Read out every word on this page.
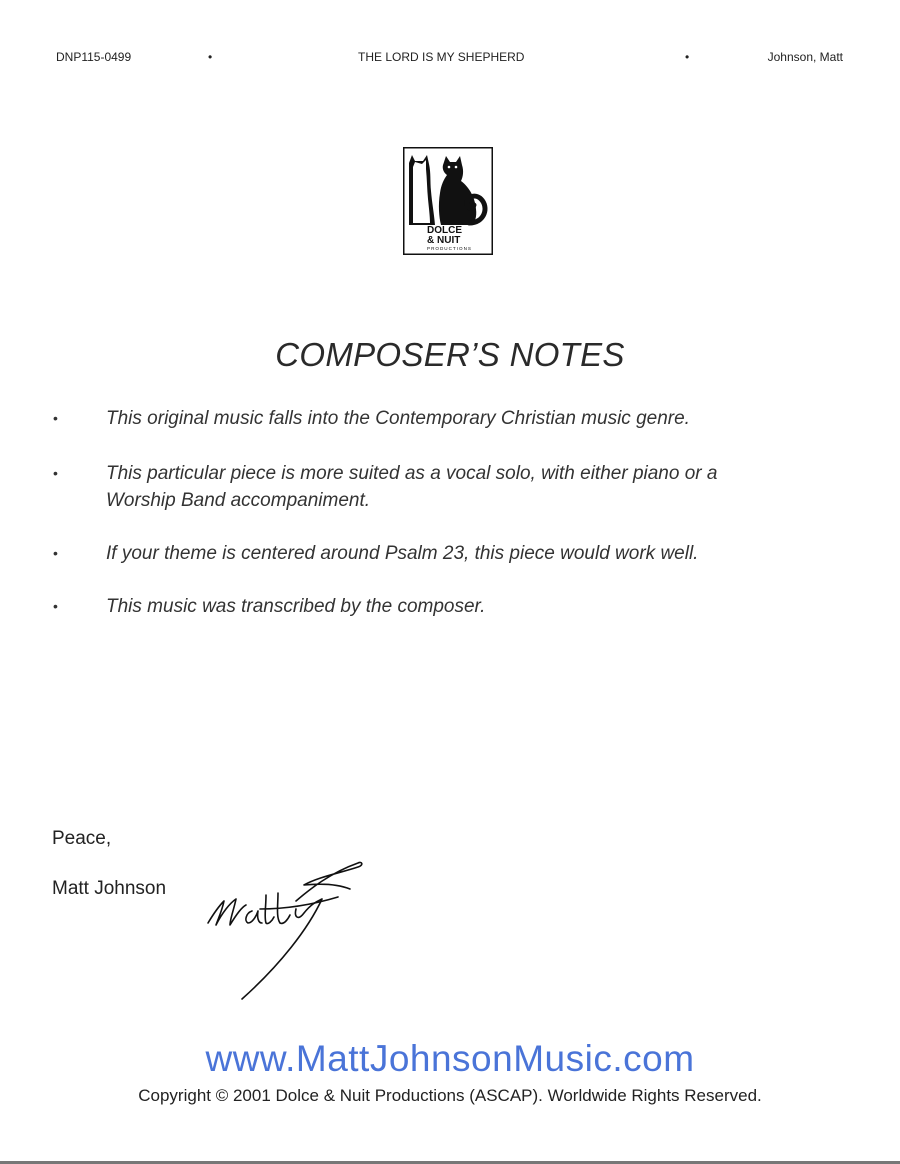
DNP115-0499	•	THE LORD IS MY SHEPHERD	•	Johnson, Matt
DOLCE
& NUIT
PRODUCTIONS
COMPOSER’S NOTES
•	This original music falls into the Contemporary Christian music genre.
•	This particular piece is more suited as a vocal solo, with either piano or a Worship Band accompaniment.
•	If your theme is centered around Psalm 23, this piece would work well.
•	This music was transcribed by the composer.
Peace,
Matt Johnson
www.MattJohnsonMusic.com
Copyright © 2001 Dolce & Nuit Productions (ASCAP). Worldwide Rights Reserved.
